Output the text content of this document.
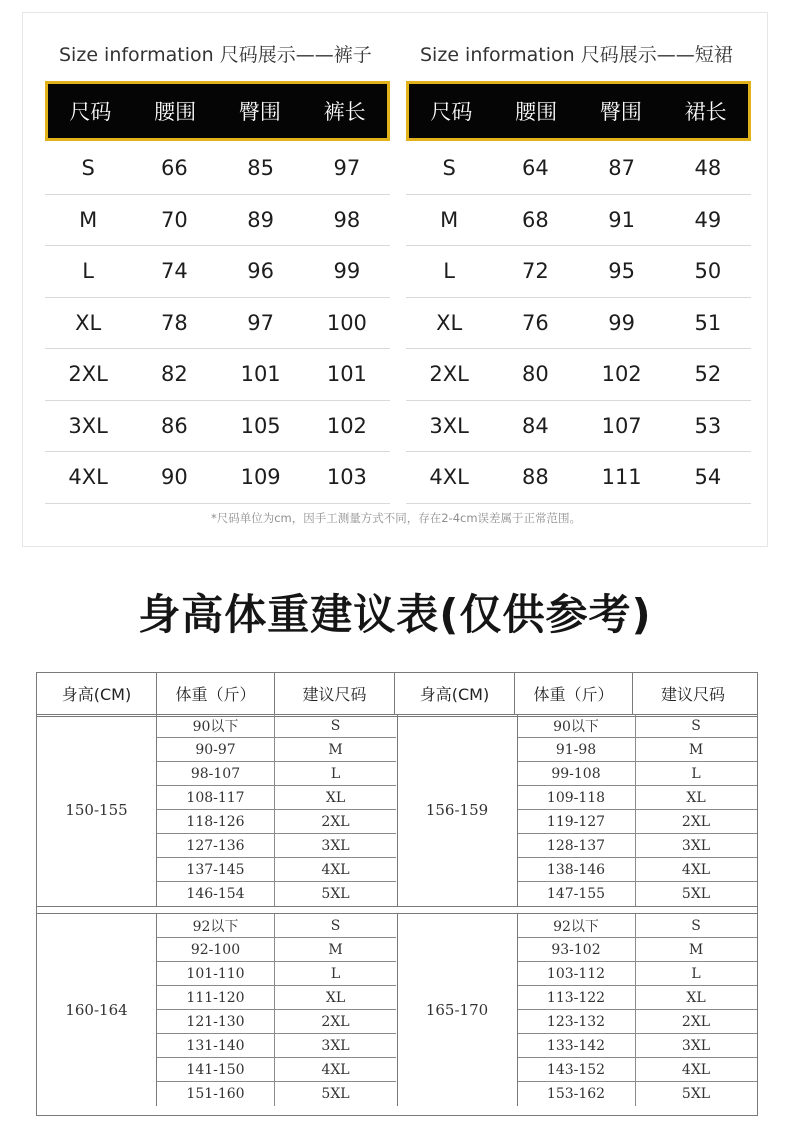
Size information 尺码展示——裤子
尺码	腰围	臀围	裤长
S	66	85	97
M	70	89	98
L	74	96	99
XL	78	97	100
2XL	82	101	101
3XL	86	105	102
4XL	90	109	103
Size information 尺码展示——短裙
尺码	腰围	臀围	裙长
S	64	87	48
M	68	91	49
L	72	95	50
XL	76	99	51
2XL	80	102	52
3XL	84	107	53
4XL	88	111	54
*尺码单位为cm，因手工测量方式不同，存在2-4cm误差属于正常范围。
身高体重建议表(仅供参考)
身高(CM)	体重（斤）	建议尺码	身高(CM)	体重（斤）	建议尺码
150-155
90以下	S
90-97	M
98-107	L
108-117	XL
118-126	2XL
127-136	3XL
137-145	4XL
146-154	5XL
156-159
90以下	S
91-98	M
99-108	L
109-118	XL
119-127	2XL
128-137	3XL
138-146	4XL
147-155	5XL
160-164
92以下	S
92-100	M
101-110	L
111-120	XL
121-130	2XL
131-140	3XL
141-150	4XL
151-160	5XL
165-170
92以下	S
93-102	M
103-112	L
113-122	XL
123-132	2XL
133-142	3XL
143-152	4XL
153-162	5XL
